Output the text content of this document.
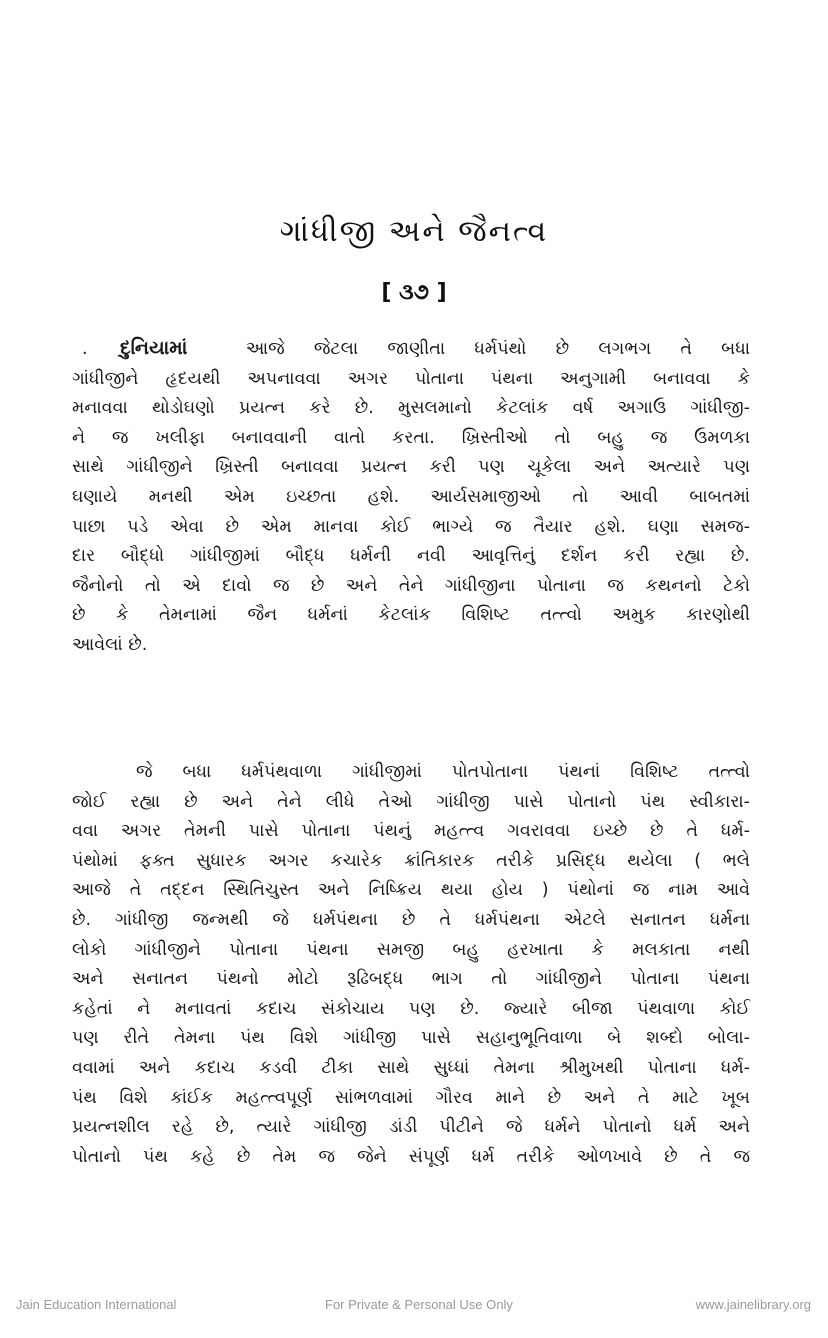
ગાંધીજી અને જૈનત્વ
[ ૩૭ ]
. દુનિયામાં	આજે જેટલા જાણીતા ધર્મપંથો છે લગભગ તે બધા
ગાંધીજીને હૃદયથી અપનાવવા અગર પોતાના પંથના અનુગામી બનાવવા કે
મનાવવા થોડોઘણો પ્રયત્ન કરે છે. મુસલમાનો કેટલાંક વર્ષ અગાઉ ગાંધીજી-
ને જ ખલીફા બનાવવાની વાતો કરતા. ખ્રિસ્તીઓ તો બહુ જ ઉમળકા
સાથે ગાંધીજીને ખ્રિસ્તી બનાવવા પ્રયત્ન કરી પણ ચૂકેલા અને અત્યારે પણ
ઘણાયે મનથી એમ ઇચ્છતા હશે. આર્યસમાજીઓ તો આવી બાબતમાં
પાછા પડે એવા છે એમ માનવા કોઈ ભાગ્યે જ તૈયાર હશે. ઘણા સમજ-
દાર બૌદ્ધો ગાંધીજીમાં બૌદ્ધ ધર્મની નવી આવૃત્તિનું દર્શન કરી રહ્યા છે.
જૈનોનો તો એ દાવો જ છે અને તેને ગાંધીજીના પોતાના જ કથનનો ટેકો
છે કે તેમનામાં જૈન ધર્મનાં કેટલાંક વિશિષ્ટ તત્ત્વો અમુક કારણોથી
આવેલાં છે.
જે બધા ધર્મપંથવાળા ગાંધીજીમાં પોતપોતાના પંથનાં વિશિષ્ટ તત્ત્વો
જોઈ રહ્યા છે અને તેને લીધે તેઓ ગાંધીજી પાસે પોતાનો પંથ સ્વીકારા-
વવા અગર તેમની પાસે પોતાના પંથનું મહત્ત્વ ગવરાવવા ઇચ્છે છે તે ધર્મ-
પંથોમાં ફક્ત સુધારક અગર કચારેક ક્રાંતિકારક તરીકે પ્રસિદ્ધ થયેલા ( ભલે
આજે તે તદ્દન સ્થિતિચુસ્ત અને નિષ્ક્રિય થયા હોય ) પંથોનાં જ નામ આવે
છે. ગાંધીજી જન્મથી જે ધર્મપંથના છે તે ધર્મપંથના એટલે સનાતન ધર્મના
લોકો ગાંધીજીને પોતાના પંથના સમજી બહુ હરખાતા કે મલકાતા નથી
અને સનાતન પંથનો મોટો રૂઢિબદ્ધ ભાગ તો ગાંધીજીને પોતાના પંથના
કહેતાં ને મનાવતાં કદાચ સંકોચાય પણ છે. જ્યારે બીજા પંથવાળા કોઈ
પણ રીતે તેમના પંથ વિશે ગાંધીજી પાસે સહાનુભૂતિવાળા બે શબ્દો બોલા-
વવામાં અને કદાચ કડવી ટીકા સાથે સુધ્ધાં તેમના શ્રીમુખથી પોતાના ધર્મ-
પંથ વિશે કાંઈક મહત્ત્વપૂર્ણ સાંભળવામાં ગૌરવ માને છે અને તે માટે ખૂબ
પ્રયત્નશીલ રહે છે, ત્યારે ગાંધીજી ડાંડી પીટીને જે ધર્મને પોતાનો ધર્મ અને
પોતાનો પંથ કહે છે તેમ જ જેને સંપૂર્ણ ધર્મ તરીકે ઓળખાવે છે તે જ
Jain Education International	For Private & Personal Use Only	www.jainelibrary.org
